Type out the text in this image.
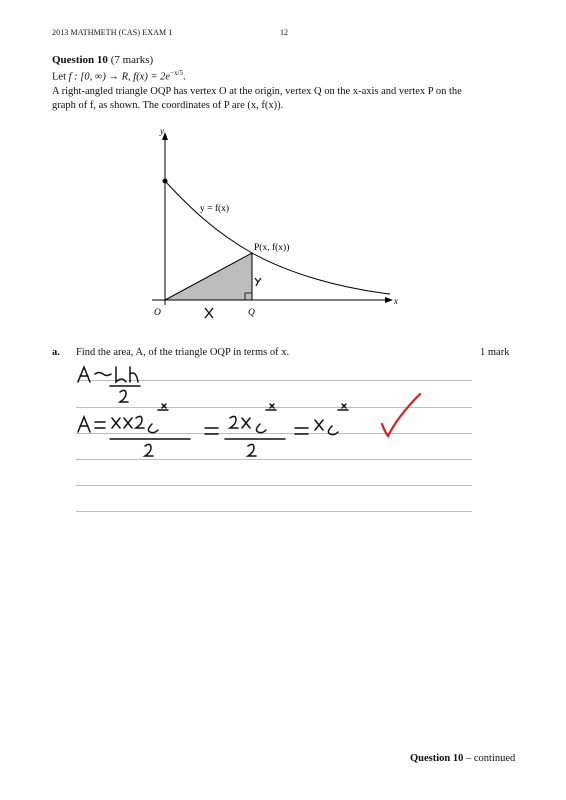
2013 MATHMETH (CAS) EXAM 1	12
Question 10 (7 marks)
Let f : [0, ∞) → R, $f(x) = 2e^{-x/5}$.
A right-angled triangle OQP has vertex O at the origin, vertex Q on the x-axis and vertex P on the
graph of f, as shown. The coordinates of P are (x, f(x)).
y
x
y = f(x)
P(x, f(x))
O	Q
a. Find the area, A, of the triangle OQP in terms of x.	1 mark
Question 10 – continued
